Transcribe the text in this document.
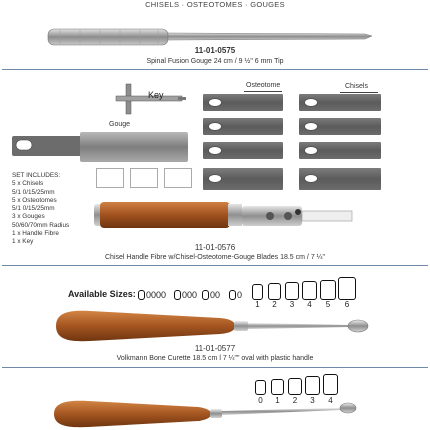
CHISELS · OSTEOTOMES · GOUGES
11-01-0575
Spinal Fusion Gouge 24 cm / 9 ½" 6 mm Tip
Key
Gouge
Osteotome	Chisels
SET INCLUDES:
5 x Chisels
5/1 0/15/25mm
5 x Osteotomes
5/1 0/15/25mm
3 x Gouges
50/60/70mm Radius
1 x Handle Fibre
1 x Key
11-01-0576
Chisel Handle Fibre w/Chisel-Osteotome-Gouge Blades 18.5 cm / 7 ¼"
Available Sizes: 0000 000 00 0
1	2	3	4	5	6
11-01-0577
Volkmann Bone Curette 18.5 cm l 7 ¼"" oval with plastic handle
0	1	2	3	4
